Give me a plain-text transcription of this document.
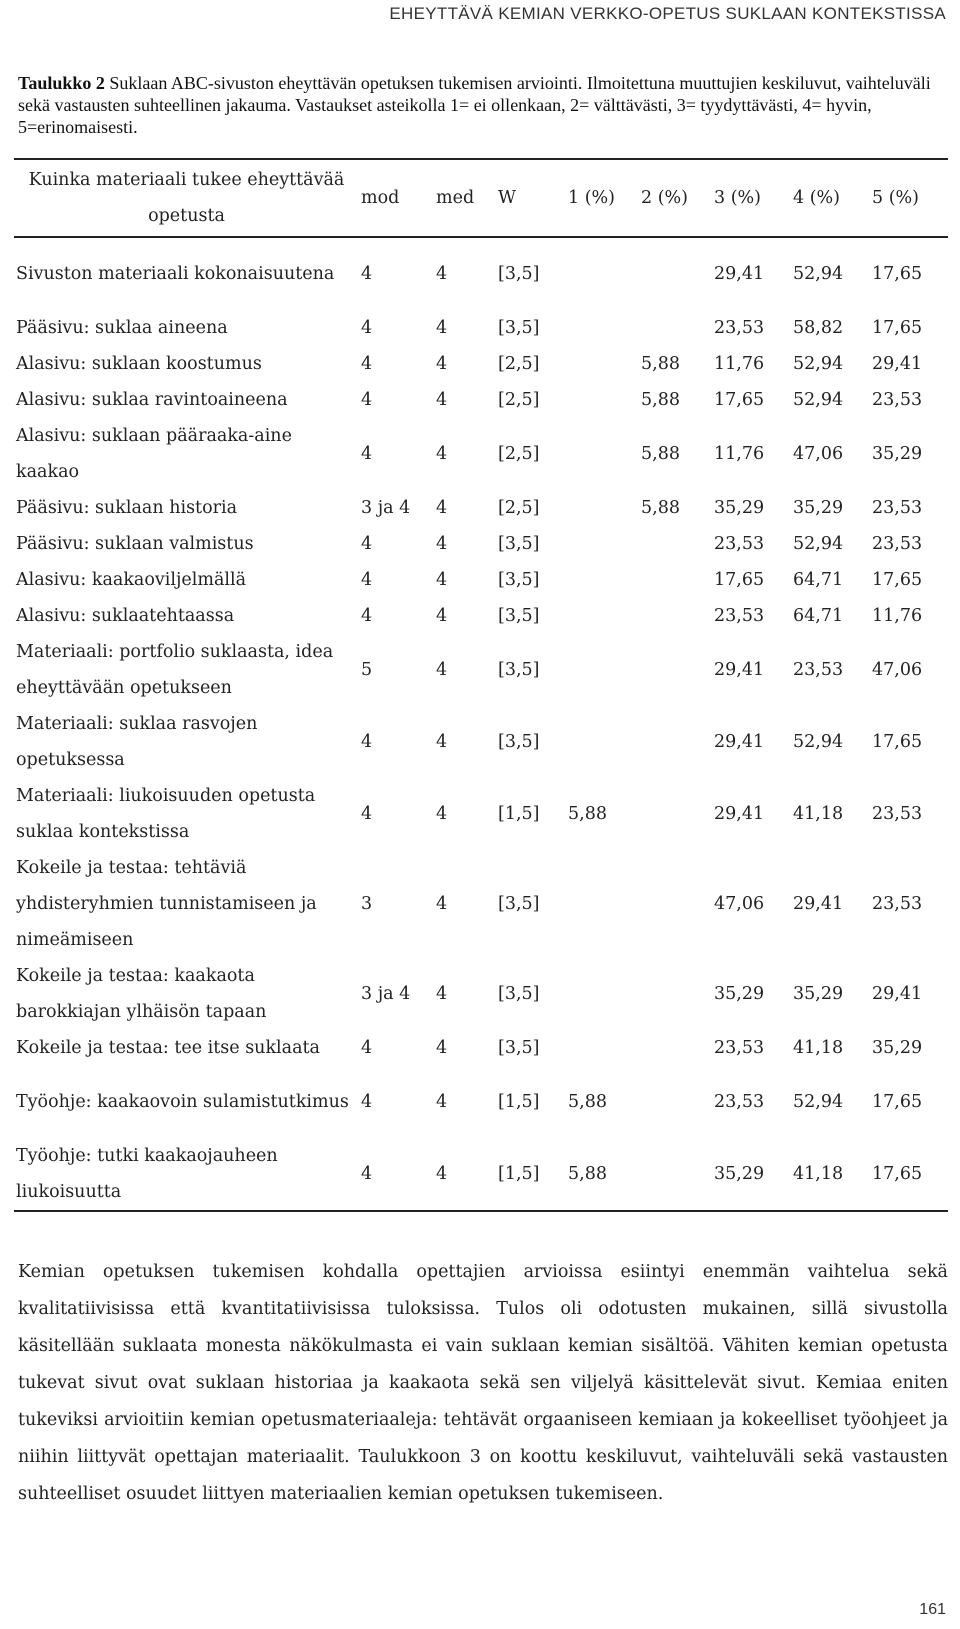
EHEYTTÄVÄ KEMIAN VERKKO-OPETUS SUKLAAN KONTEKSTISSA
Taulukko 2 Suklaan ABC-sivuston eheyttävän opetuksen tukemisen arviointi. Ilmoitettuna muuttujien keskiluvut, vaihteluväli sekä vastausten suhteellinen jakauma. Vastaukset asteikolla 1= ei ollenkaan, 2= välttävästi, 3= tyydyttävästi, 4= hyvin, 5=erinomaisesti.
Kuinka materiaali tukee eheyttävää opetusta	mod	med	W	1 (%)	2 (%)	3 (%)	4 (%)	5 (%)
Sivuston materiaali kokonaisuutena	4	4	[3,5]			29,41	52,94	17,65
Pääsivu: suklaa aineena	4	4	[3,5]			23,53	58,82	17,65
Alasivu: suklaan koostumus	4	4	[2,5]		5,88	11,76	52,94	29,41
Alasivu: suklaa ravintoaineena	4	4	[2,5]		5,88	17,65	52,94	23,53
Alasivu: suklaan pääraaka-aine kaakao	4	4	[2,5]		5,88	11,76	47,06	35,29
Pääsivu: suklaan historia	3 ja 4	4	[2,5]		5,88	35,29	35,29	23,53
Pääsivu: suklaan valmistus	4	4	[3,5]			23,53	52,94	23,53
Alasivu: kaakaoviljelmällä	4	4	[3,5]			17,65	64,71	17,65
Alasivu: suklaatehtaassa	4	4	[3,5]			23,53	64,71	11,76
Materiaali: portfolio suklaasta, idea eheyttävään opetukseen	5	4	[3,5]			29,41	23,53	47,06
Materiaali: suklaa rasvojen opetuksessa	4	4	[3,5]			29,41	52,94	17,65
Materiaali: liukoisuuden opetusta suklaa kontekstissa	4	4	[1,5]	5,88		29,41	41,18	23,53
Kokeile ja testaa: tehtäviä yhdisteryhmien tunnistamiseen ja nimeämiseen	3	4	[3,5]			47,06	29,41	23,53
Kokeile ja testaa: kaakaota barokkiajan ylhäisön tapaan	3 ja 4	4	[3,5]			35,29	35,29	29,41
Kokeile ja testaa: tee itse suklaata	4	4	[3,5]			23,53	41,18	35,29
Työohje: kaakaovoin sulamistutkimus	4	4	[1,5]	5,88		23,53	52,94	17,65
Työohje: tutki kaakaojauheen liukoisuutta	4	4	[1,5]	5,88		35,29	41,18	17,65
Kemian opetuksen tukemisen kohdalla opettajien arvioissa esiintyi enemmän vaihtelua sekä kvalitatiivisissa että kvantitatiivisissa tuloksissa. Tulos oli odotusten mukainen, sillä sivustolla käsitellään suklaata monesta näkökulmasta ei vain suklaan kemian sisältöä. Vähiten kemian opetusta tukevat sivut ovat suklaan historiaa ja kaakaota sekä sen viljelyä käsittelevät sivut. Kemiaa eniten tukeviksi arvioitiin kemian opetusmateriaaleja: tehtävät orgaaniseen kemiaan ja kokeelliset työohjeet ja niihin liittyvät opettajan materiaalit. Taulukkoon 3 on koottu keskiluvut, vaihteluväli sekä vastausten suhteelliset osuudet liittyen materiaalien kemian opetuksen tukemiseen.
161
